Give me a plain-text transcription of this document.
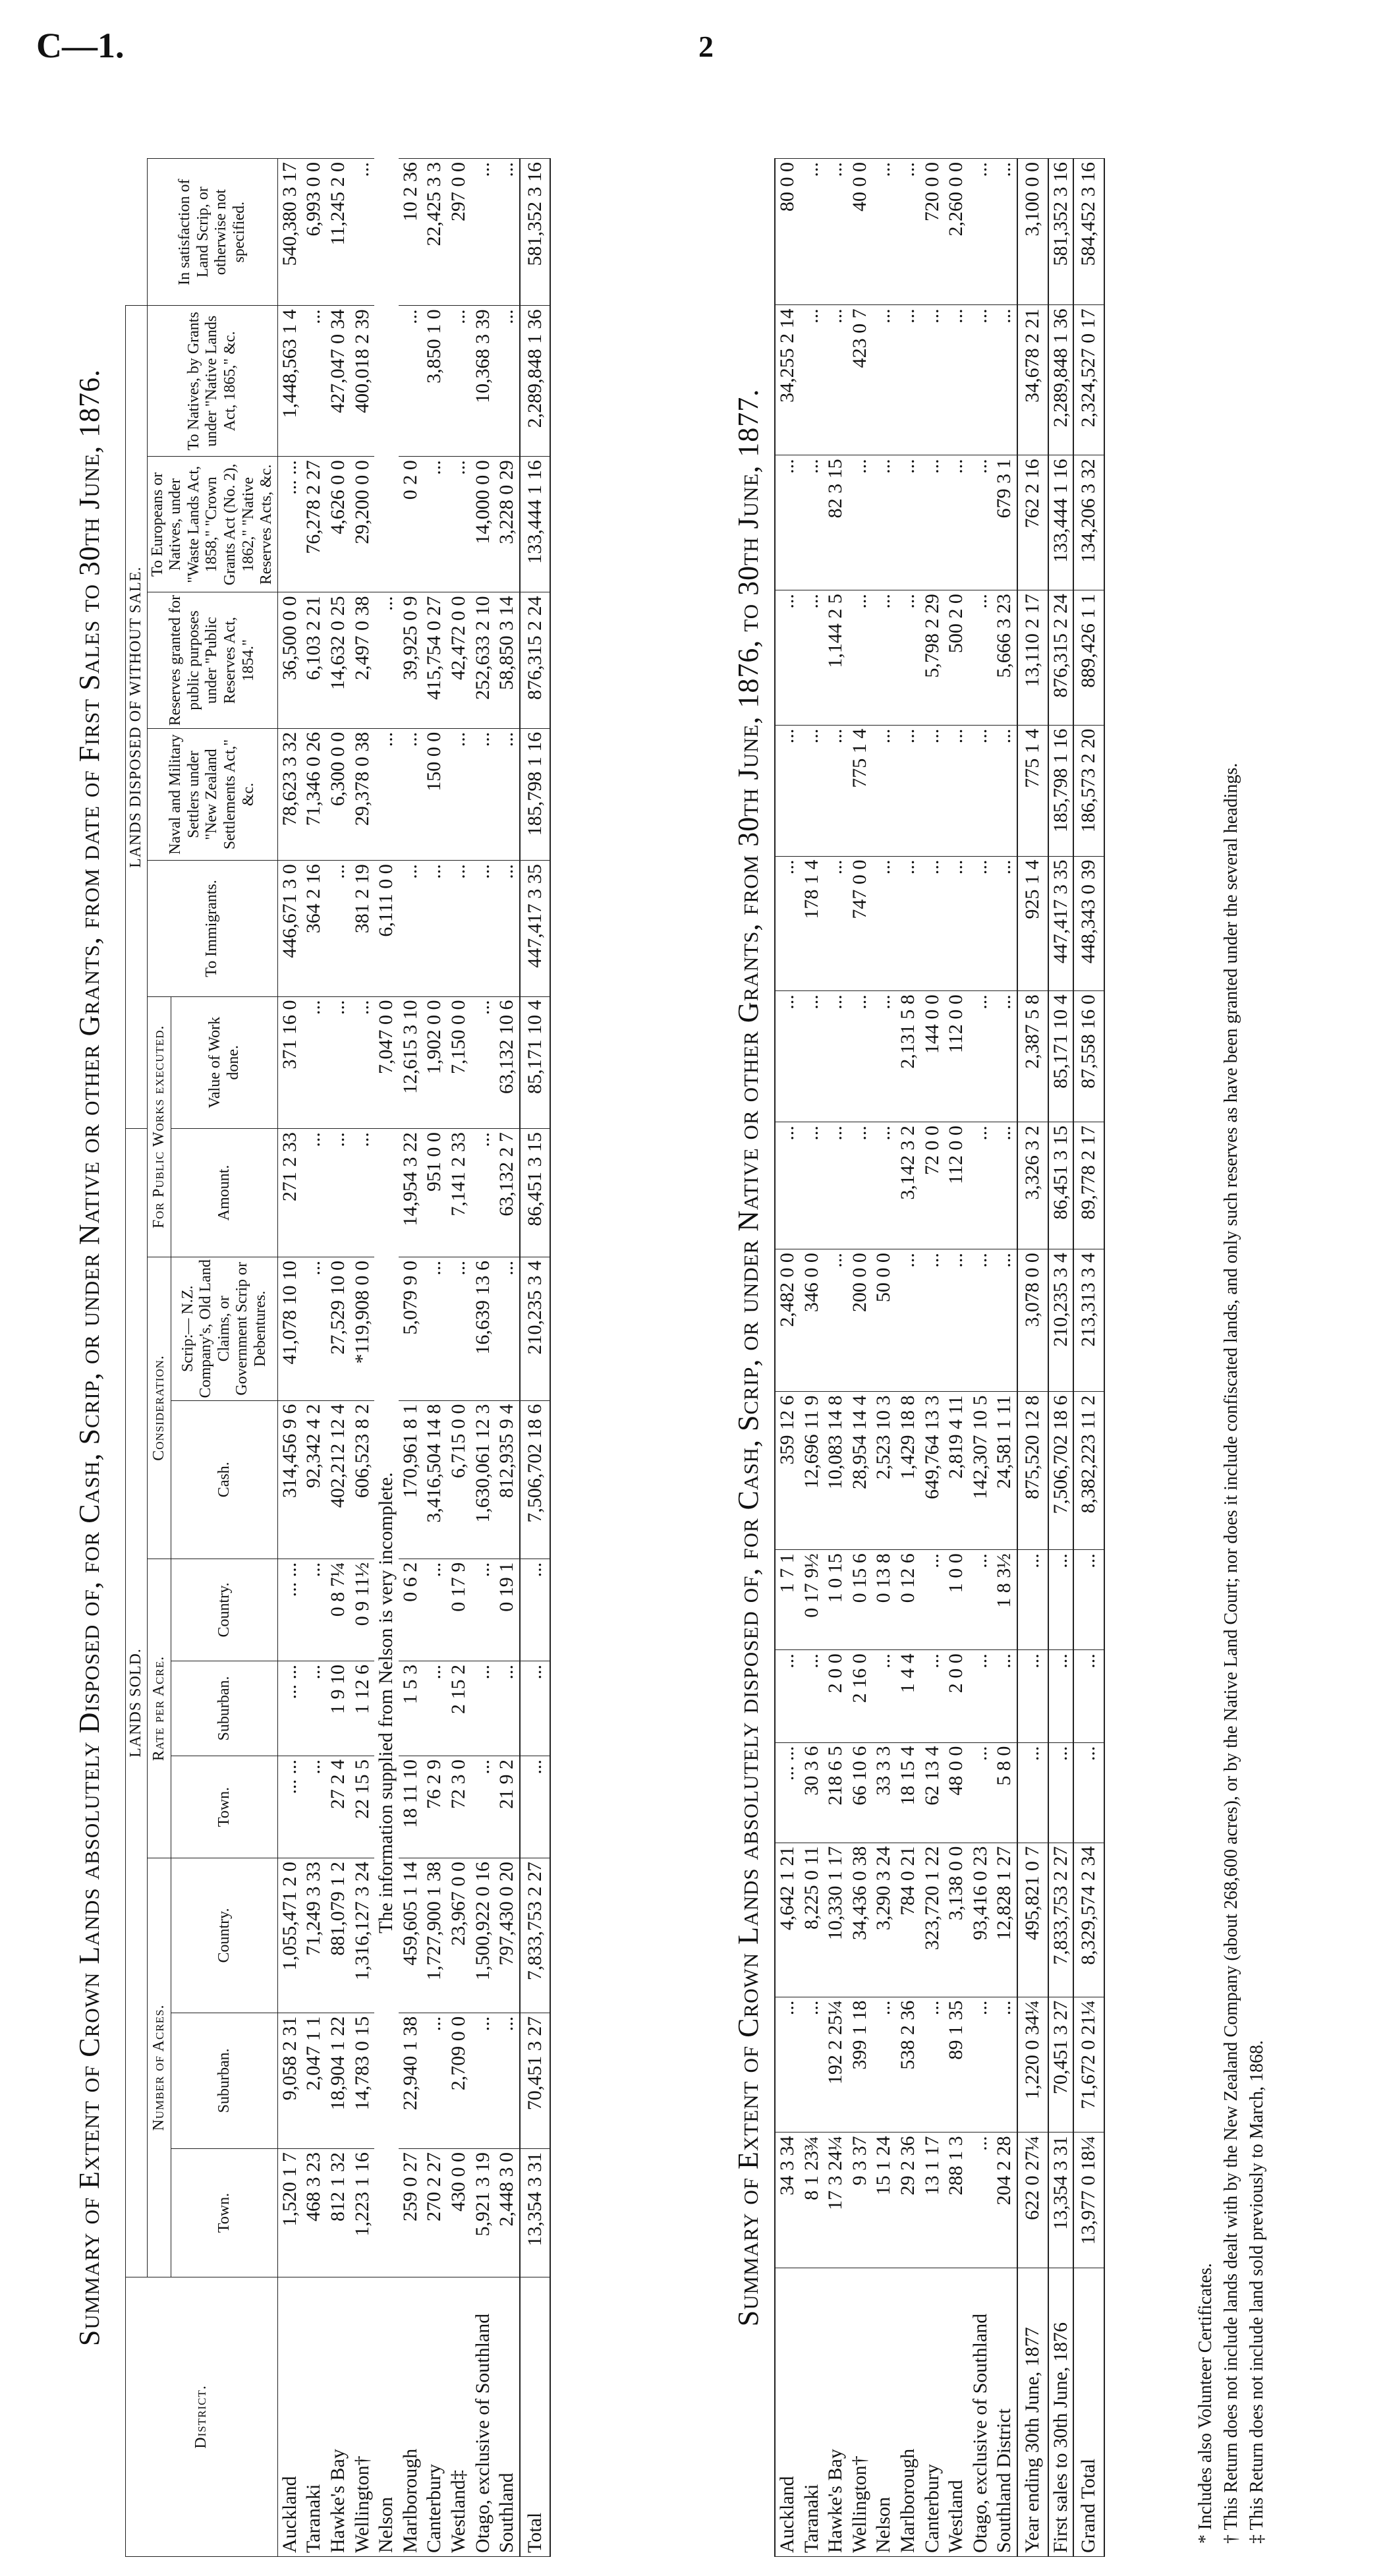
C—1.	2
Summary of Extent of Crown Lands absolutely Disposed of, for Cash, Scrip, or under Native or other Grants, from date of First Sales to 30th June, 1876.
District.	LANDS SOLD.									LANDS DISPOSED OF WITHOUT SALE.						
	Number of Acres.			Rate per Acre.			Consideration.		For Public Works executed.		To Immigrants.	Naval and Military Settlers under "New Zealand Settlements Act," &c.	Reserves granted for public purposes under "Public Reserves Act, 1854."	To Europeans or Natives, under "Waste Lands Act, 1858," "Crown Grants Act (No. 2), 1862," "Native Reserves Acts, &c.	To Natives, by Grants under "Native Lands Act, 1865," &c.	In satisfaction of Land Scrip, or otherwise not specified.
	Town.	Suburban.	Country.	Town.	Suburban.	Country.	Cash.	Scrip:— N.Z. Company's, Old Land Claims, or Government Scrip or Debentures.	Amount.	Value of Work done.						
Auckland	1,520 1 7	9,058 2 31	1,055,471 2 0	... ...	... ...	... ...	314,456 9 6	41,078 10 10	271 2 33	371 16 0	446,671 3 0	78,623 3 32	36,500 0 0	... ...	1,448,563 1 4	540,380 3 17
Taranaki	468 3 23	2,047 1 1	71,249 3 33	...	...	...	92,342 4 2	...	...	...	364 2 16	71,346 0 26	6,103 2 21	76,278 2 27	...	6,993 0 0
Hawke's Bay	812 1 32	18,904 1 22	881,079 1 2	27 2 4	1 9 10	0 8 7¼	402,212 12 4	27,529 10 0	...	...	...	6,300 0 0	14,632 0 25	4,626 0 0	427,047 0 34	11,245 2 0
Wellington†	1,223 1 16	14,783 0 15	1,316,127 3 24	22 15 5	1 12 6	0 9 11½	606,523 8 2	*119,908 0 0	...	...	381 2 19	29,378 0 38	2,497 0 38	29,200 0 0	400,018 2 39	...
Nelson	The information supplied from Nelson is very incomplete.									7,047 0 0	6,111 0 0	...	...			
Marlborough	259 0 27	22,940 1 38	459,605 1 14	18 11 10	1 5 3	0 6 2	170,961 8 1	5,079 9 0	14,954 3 22	12,615 3 10	...	...	39,925 0 9	0 2 0	...	10 2 36
Canterbury	270 2 27	...	1,727,900 1 38	76 2 9	...	...	3,416,504 14 8	...	951 0 0	1,902 0 0	...	150 0 0	415,754 0 27	...	3,850 1 0	22,425 3 3
Westland‡	430 0 0	2,709 0 0	23,967 0 0	72 3 0	2 15 2	0 17 9	6,715 0 0	...	7,141 2 33	7,150 0 0	...	...	42,472 0 0	...	...	297 0 0
Otago, exclusive of Southland	5,921 3 19	...	1,500,922 0 16	...	...	...	1,630,061 12 3	16,639 13 6	...	...	...	...	252,633 2 10	14,000 0 0	10,368 3 39	...
Southland	2,448 3 0	...	797,430 0 20	21 9 2	...	0 19 1	812,935 9 4	...	63,132 2 7	63,132 10 6	...	...	58,850 3 14	3,228 0 29	...	...
Total	13,354 3 31	70,451 3 27	7,833,753 2 27	...	...	...	7,506,702 18 6	210,235 3 4	86,451 3 15	85,171 10 4	447,417 3 35	185,798 1 16	876,315 2 24	133,444 1 16	2,289,848 1 36	581,352 3 16
Summary of Extent of Crown Lands absolutely disposed of, for Cash, Scrip, or under Native or other Grants, from 30th June, 1876, to 30th June, 1877.
Auckland	34 3 34	...	4,642 1 21	... ...	...	1 7 1	359 12 6	2,482 0 0	...	...	...	...	...	...	34,255 2 14	80 0 0
Taranaki	8 1 23¾	...	8,225 0 11	30 3 6	...	0 17 9½	12,696 11 9	346 0 0	...	...	178 1 4	...	...	...	...	...
Hawke's Bay	17 3 24¼	192 2 25¼	10,330 1 17	218 6 5	2 0 0	1 0 15	10,083 14 8	...	...	...	...	...	1,144 2 5	82 3 15	...	...
Wellington†	9 3 37	399 1 18	34,436 0 38	66 10 6	2 16 0	0 15 6	28,954 14 4	200 0 0	...	...	747 0 0	775 1 4	...	...	423 0 7	40 0 0
Nelson	15 1 24	...	3,290 3 24	33 3 3	...	0 13 8	2,523 10 3	50 0 0	...	...	...	...	...	...	...	...
Marlborough	29 2 36	538 2 36	784 0 21	18 15 4	1 4 4	0 12 6	1,429 18 8	...	3,142 3 2	2,131 5 8	...	...	...	...	...	...
Canterbury	13 1 17	...	323,720 1 22	62 13 4	...	...	649,764 13 3	...	72 0 0	144 0 0	...	...	5,798 2 29	...	...	720 0 0
Westland	288 1 3	89 1 35	3,138 0 0	48 0 0	2 0 0	1 0 0	2,819 4 11	...	112 0 0	112 0 0	...	...	500 2 0	...	...	2,260 0 0
Otago, exclusive of Southland	...	...	93,416 0 23	...	...	...	142,307 10 5	...	...	...	...	...	...	...	...	...
Southland District	204 2 28	...	12,828 1 27	5 8 0	...	1 8 3½	24,581 1 11	...	...	...	...	...	5,666 3 23	679 3 1	...	...
Year ending 30th June, 1877	622 0 27¼	1,220 0 34¼	495,821 0 7	...	...	...	875,520 12 8	3,078 0 0	3,326 3 2	2,387 5 8	925 1 4	775 1 4	13,110 2 17	762 2 16	34,678 2 21	3,100 0 0
First sales to 30th June, 1876	13,354 3 31	70,451 3 27	7,833,753 2 27	...	...	...	7,506,702 18 6	210,235 3 4	86,451 3 15	85,171 10 4	447,417 3 35	185,798 1 16	876,315 2 24	133,444 1 16	2,289,848 1 36	581,352 3 16
Grand Total	13,977 0 18¼	71,672 0 21¼	8,329,574 2 34	...	...	...	8,382,223 11 2	213,313 3 4	89,778 2 17	87,558 16 0	448,343 0 39	186,573 2 20	889,426 1 1	134,206 3 32	2,324,527 0 17	584,452 3 16
* Includes also Volunteer Certificates. † This Return does not include lands dealt with by the New Zealand Company (about 268,600 acres), or by the Native Land Court; nor does it include confiscated lands, and only such reserves as have been granted under the several headings. ‡ This Return does not include land sold previously to March, 1868.
